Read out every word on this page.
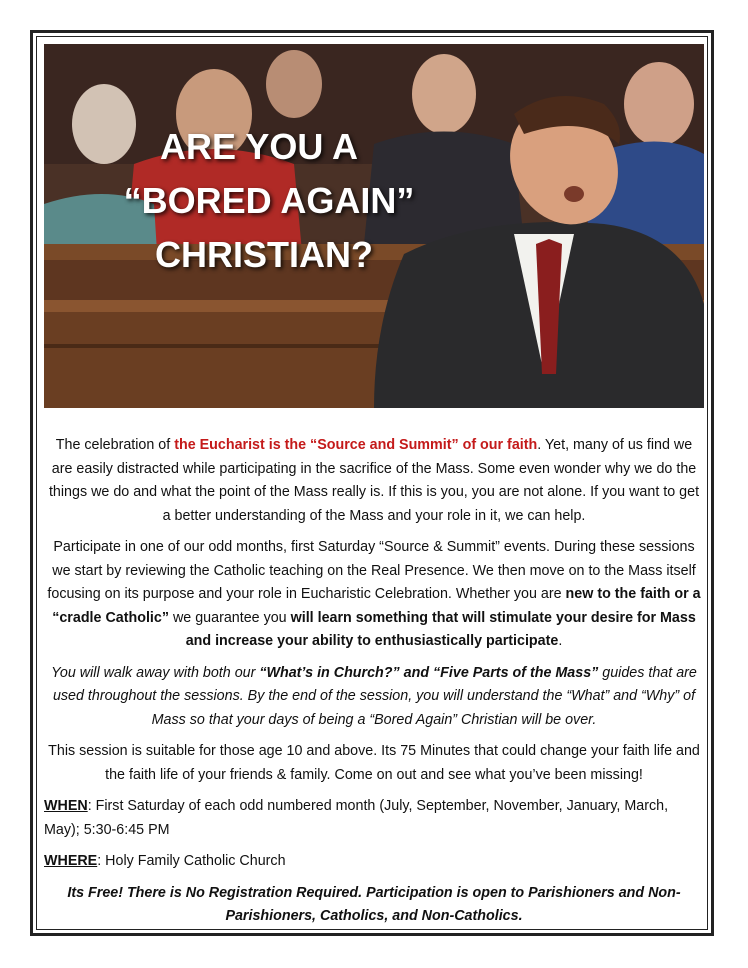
ARE YOU A
“BORED AGAIN”
CHRISTIAN?

The celebration of the Eucharist is the “Source and Summit” of our faith. Yet, many of us find we are easily distracted while participating in the sacrifice of the Mass. Some even wonder why we do the things we do and what the point of the Mass really is. If this is you, you are not alone. If you want to get a better understanding of the Mass and your role in it, we can help.

Participate in one of our odd months, first Saturday “Source & Summit” events. During these sessions we start by reviewing the Catholic teaching on the Real Presence. We then move on to the Mass itself focusing on its purpose and your role in Eucharistic Celebration. Whether you are new to the faith or a “cradle Catholic” we guarantee you will learn something that will stimulate your desire for Mass and increase your ability to enthusiastically participate.

You will walk away with both our “What’s in Church?” and “Five Parts of the Mass” guides that are used throughout the sessions. By the end of the session, you will understand the “What” and “Why” of Mass so that your days of being a “Bored Again” Christian will be over.

This session is suitable for those age 10 and above. Its 75 Minutes that could change your faith life and the faith life of your friends & family. Come on out and see what you’ve been missing!

WHEN: First Saturday of each odd numbered month (July, September, November, January, March, May); 5:30-6:45 PM

WHERE: Holy Family Catholic Church

Its Free! There is No Registration Required. Participation is open to Parishioners and Non-Parishioners, Catholics, and Non-Catholics.
